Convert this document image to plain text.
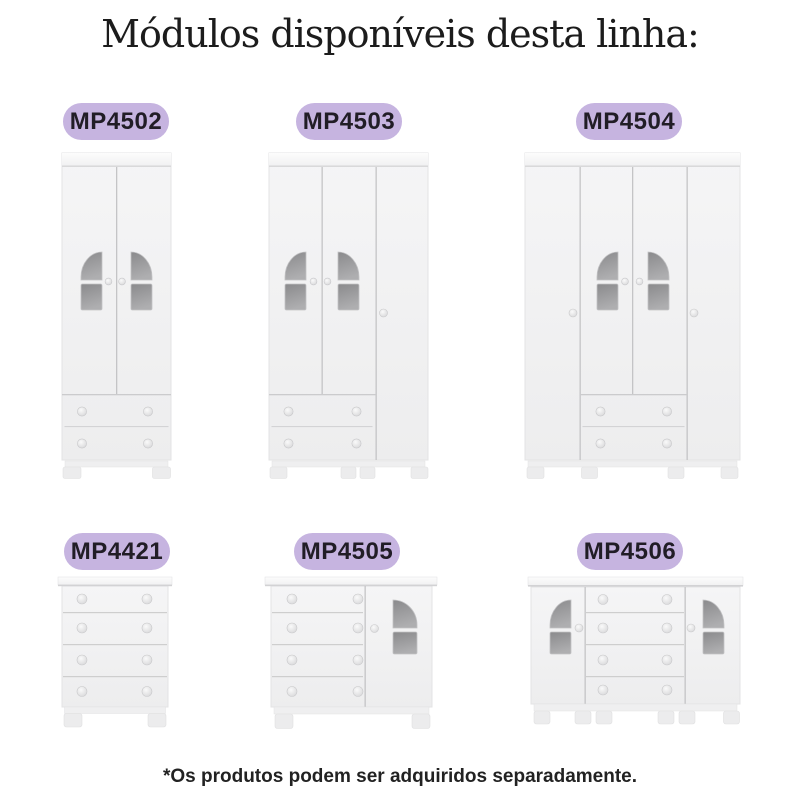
Módulos disponíveis desta linha:
MP4502	MP4503	MP4504
MP4421	MP4505	MP4506
*Os produtos podem ser adquiridos separadamente.
